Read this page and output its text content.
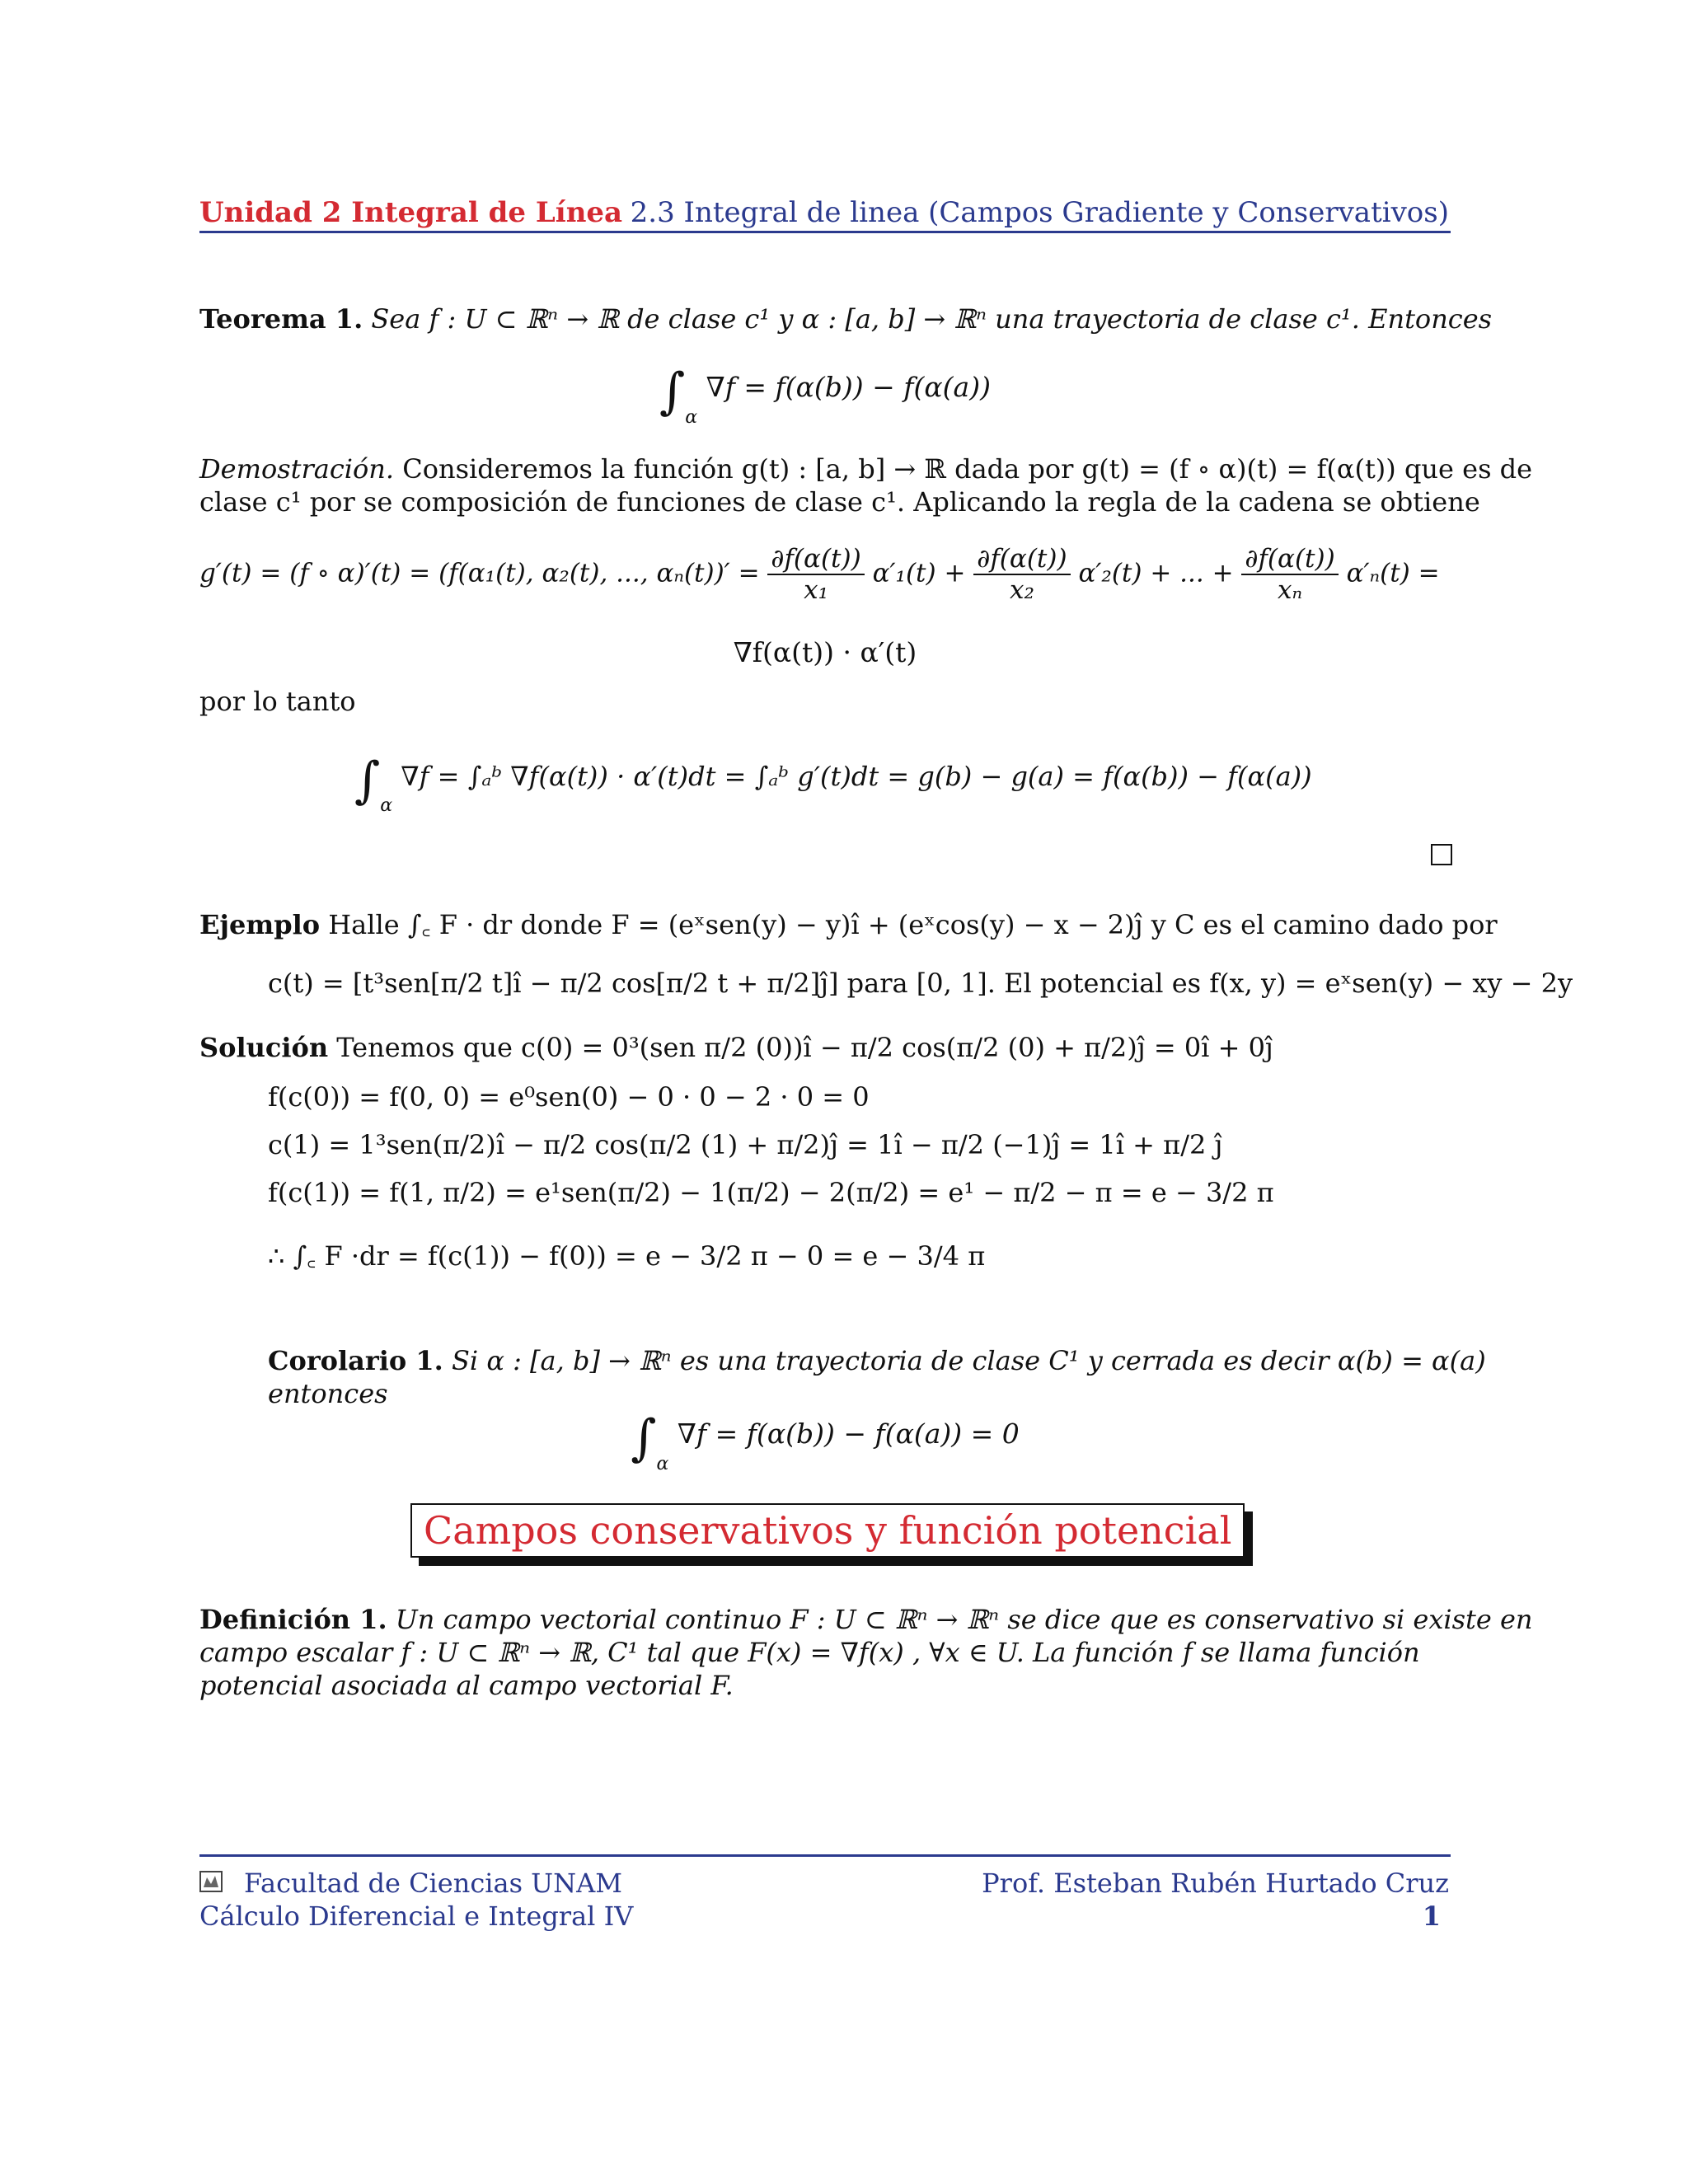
Unidad 2 Integral de Línea 2.3 Integral de linea (Campos Gradiente y Conservativos)
Teorema 1. Sea f : U ⊂ ℝⁿ → ℝ de clase c¹ y α : [a, b] → ℝⁿ una trayectoria de clase c¹. Entonces
$\int_\alpha$ ∇f = f(α(b)) − f(α(a))
Demostración. Consideremos la función g(t) : [a, b] → ℝ dada por g(t) = (f ∘ α)(t) = f(α(t)) que es de
clase c¹ por se composición de funciones de clase c¹. Aplicando la regla de la cadena se obtiene
g′(t) = (f ∘ α)′(t) = (f(α₁(t), α₂(t), ..., $\alpha_n(t))' = \frac{\partial f(\alpha(t))}{\text{x₁}} \alpha'_1(t) + \frac{\partial f(\alpha(t))}{\text{x₂}} \alpha'_2(t)$ + ... + $\frac{\partial f(\alpha(t))}{\text{xₙ}} \alpha'_n(t)$ =
∇f(α(t)) · α′(t)
por lo tanto
$\int_\alpha$ ∇f = ∫ₐᵇ ∇f(α(t)) · α′(t)dt = ∫ₐᵇ g′(t)dt = g(b) − g(a) = f(α(b)) − f(α(a))
Ejemplo Halle ∫꜀ F · dr donde F = (eˣsen(y) − y)î + (eˣcos(y) − x − 2)ĵ y C es el camino dado por
c(t) = [t³sen[π/2 t]î − π/2 cos[π/2 t + π/2]ĵ] para [0, 1]. El potencial es f(x, y) = eˣsen(y) − xy − 2y
Solución Tenemos que c(0) = 0³(sen π/2 (0))î − π/2 cos(π/2 (0) + π/2)ĵ = 0î + 0ĵ
f(c(0)) = f(0, 0) = e⁰sen(0) − 0 · 0 − 2 · 0 = 0
c(1) = 1³sen(π/2)î − π/2 cos(π/2 (1) + π/2)ĵ = 1î − π/2 (−1)ĵ = 1î + π/2 ĵ
f(c(1)) = f(1, π/2) = e¹sen(π/2) − 1(π/2) − 2(π/2) = e¹ − π/2 − π = e − 3/2 π
∴ ∫꜀ F ·dr = f(c(1)) − f(0)) = e − 3/2 π − 0 = e − 3/4 π
Corolario 1. Si α : [a, b] → ℝⁿ es una trayectoria de clase C¹ y cerrada es decir α(b) = α(a)
entonces
$\int_\alpha$ ∇f = f(α(b)) − f(α(a)) = 0
Campos conservativos y función potencial
Definición 1. Un campo vectorial continuo F : U ⊂ ℝⁿ → ℝⁿ se dice que es conservativo si existe en
campo escalar f : U ⊂ ℝⁿ → ℝ, C¹ tal que F(x) = ∇f(x) , ∀x ∈ U. La función f se llama función
potencial asociada al campo vectorial F.
Facultad de Ciencias UNAM
Cálculo Diferencial e Integral IV
Prof. Esteban Rubén Hurtado Cruz
1
